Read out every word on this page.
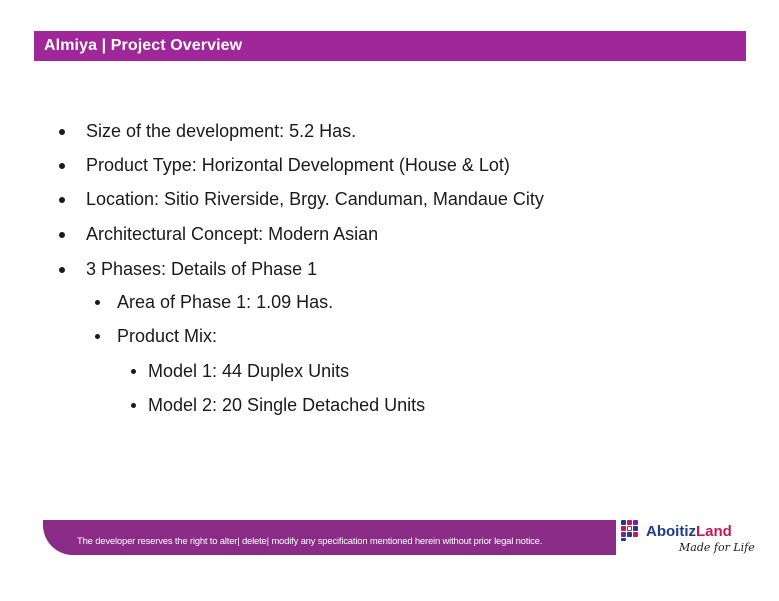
Almiya | Project Overview
Size of the development: 5.2 Has.
Product Type: Horizontal Development (House & Lot)
Location: Sitio Riverside, Brgy. Canduman, Mandaue City
Architectural Concept: Modern Asian
3 Phases: Details of Phase 1
Area of Phase 1: 1.09 Has.
Product Mix:
Model 1: 44 Duplex Units
Model 2: 20 Single Detached Units
The developer reserves the right to alter| delete| modify any specification mentioned herein without prior legal notice.
AboitizLand
Made for Life
